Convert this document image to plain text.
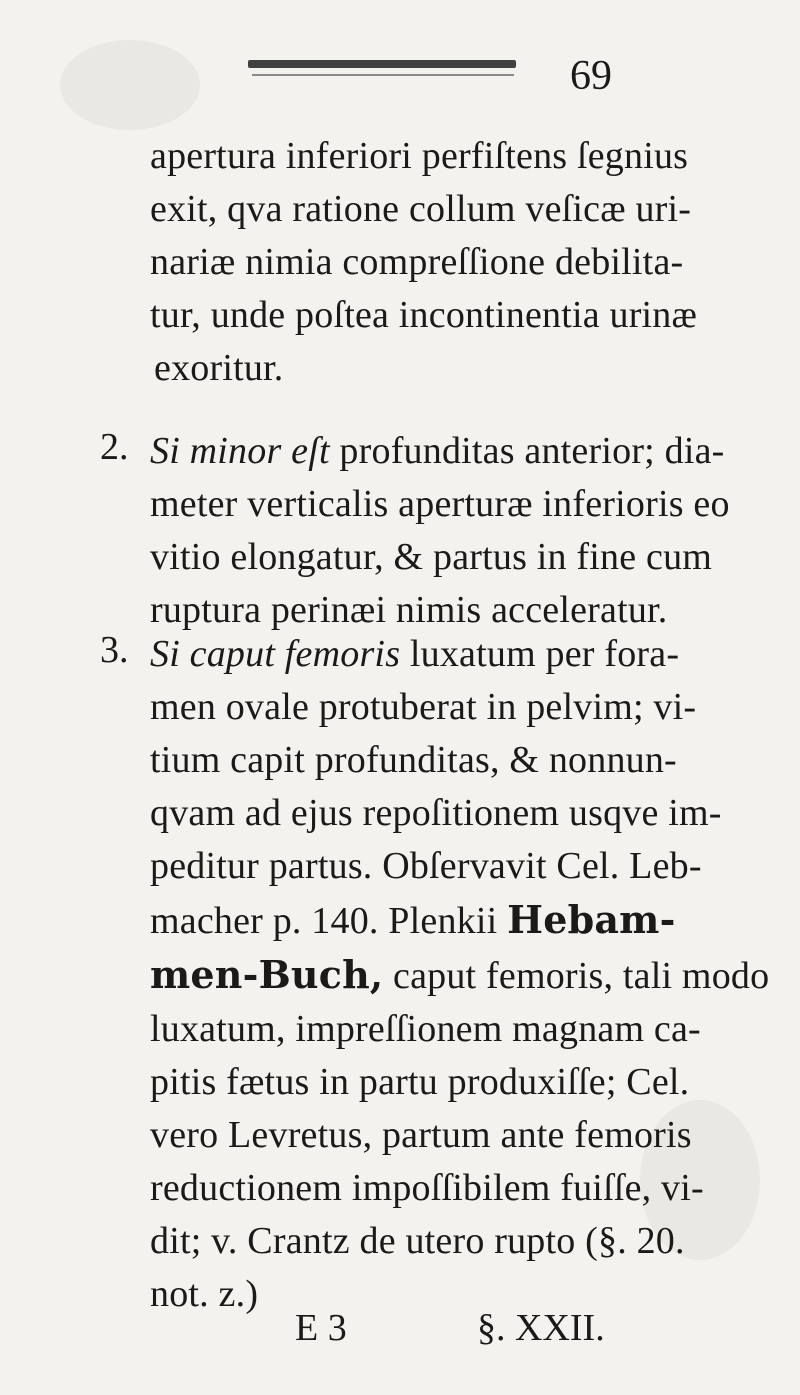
69
apertura inferiori perfiſtens ſegnius
exit, qva ratione collum veſicæ uri-
nariæ nimia compreſſione debilita-
tur, unde poſtea incontinentia urinæ
exoritur.
2. Si minor eſt profunditas anterior; dia-
meter verticalis aperturæ inferioris eo
vitio elongatur, & partus in fine cum
ruptura perinæi nimis acceleratur.
3. Si caput femoris luxatum per fora-
men ovale protuberat in pelvim; vi-
tium capit profunditas, & nonnun-
qvam ad ejus repoſitionem usqve im-
peditur partus. Obſervavit Cel. Leb-
macher p. 140. Plenkii Hebam-
men-Buch, caput femoris, tali modo
luxatum, impreſſionem magnam ca-
pitis fætus in partu produxiſſe; Cel.
vero Levretus, partum ante femoris
reductionem impoſſibilem fuiſſe, vi-
dit; v. Crantz de utero rupto (§. 20.
not. z.)
E 3	§. XXII.
